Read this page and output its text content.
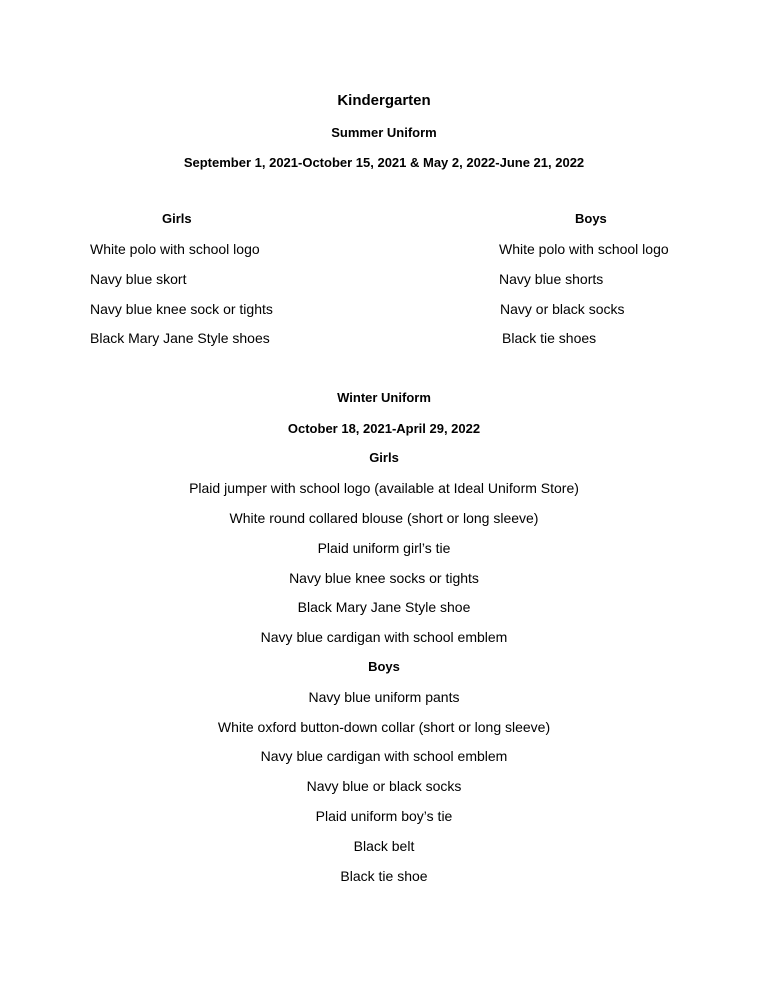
Kindergarten
Summer Uniform
September 1, 2021-October 15, 2021 & May 2, 2022-June 21, 2022
Girls
White polo with school logo
Navy blue skort
Navy blue knee sock or tights
Black Mary Jane Style shoes
Boys
White polo with school logo
Navy blue shorts
Navy or black socks
Black tie shoes
Winter Uniform
October 18, 2021-April 29, 2022
Girls
Plaid jumper with school logo (available at Ideal Uniform Store)
White round collared blouse (short or long sleeve)
Plaid uniform girl’s tie
Navy blue knee socks or tights
Black Mary Jane Style shoe
Navy blue cardigan with school emblem
Boys
Navy blue uniform pants
White oxford button-down collar (short or long sleeve)
Navy blue cardigan with school emblem
Navy blue or black socks
Plaid uniform boy’s tie
Black belt
Black tie shoe
